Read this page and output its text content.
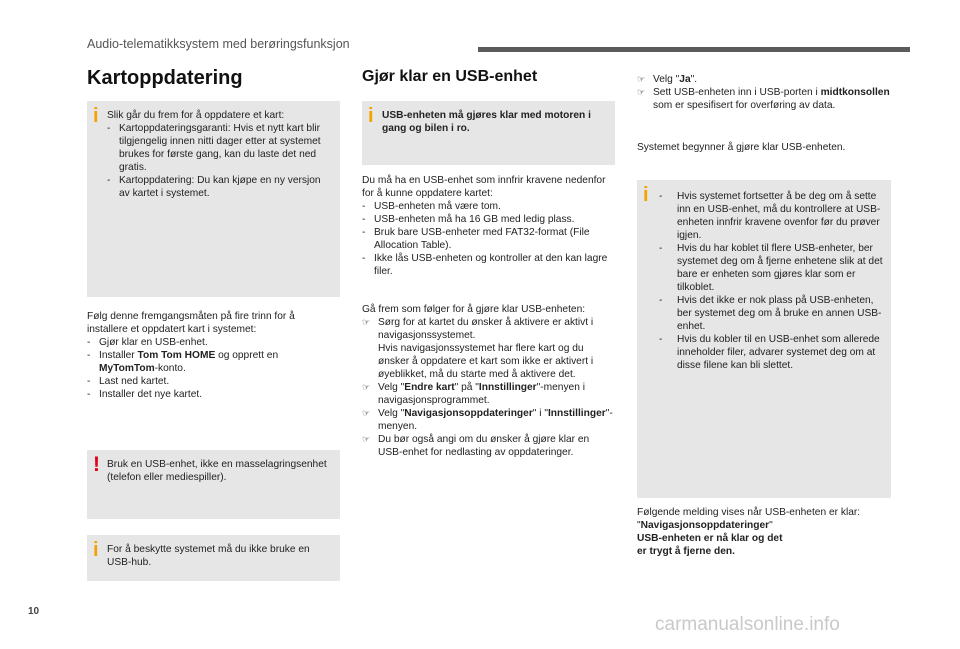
Audio-telematikksystem med berøringsfunksjon
Kartoppdatering
i Slik går du frem for å oppdatere et kart:

- Kartoppdateringsgaranti: Hvis et nytt kart blir tilgjengelig innen nitti dager etter at systemet brukes for første gang, kan du laste det ned gratis.
- Kartoppdatering: Du kan kjøpe en ny versjon av kartet i systemet.

Følg denne fremgangsmåten på fire trinn for å installere et oppdatert kart i systemet:

- Gjør klar en USB-enhet.
- Installer Tom Tom HOME og opprett en MyTomTom-konto.
- Last ned kartet.
- Installer det nye kartet.
! Bruk en USB-enhet, ikke en masselagringsenhet (telefon eller mediespiller).

i For å beskytte systemet må du ikke bruke en USB-hub.

Gjør klar en USB-enhet
i USB-enheten må gjøres klar med motoren i gang og bilen i ro.

Du må ha en USB-enhet som innfrir kravene nedenfor for å kunne oppdatere kartet:

- USB-enheten må være tom.
- USB-enheten må ha 16 GB med ledig plass.
- Bruk bare USB-enheter med FAT32-format (File Allocation Table).
- Ikke lås USB-enheten og kontroller at den kan lagre filer.

Gå frem som følger for å gjøre klar USB-enheten:

☞ Sørg for at kartet du ønsker å aktivere er aktivt i navigasjonssystemet.

Hvis navigasjonssystemet har flere kart og du ønsker å oppdatere et kart som ikke er aktivert i øyeblikket, må du starte med å aktivere det.

☞ Velg "Endre kart" på "Innstillinger"-menyen i navigasjonsprogrammet.
☞ Velg "Navigasjonsoppdateringer" i "Innstillinger"-menyen.
☞ Du bør også angi om du ønsker å gjøre klar en USB-enhet for nedlasting av oppdateringer.
☞ Velg "Ja".
☞ Sett USB-enheten inn i USB-porten i midtkonsollen som er spesifisert for overføring av data.

Systemet begynner å gjøre klar USB-enheten.

i	- Hvis systemet fortsetter å be deg om å sette inn en USB-enhet, må du kontrollere at USB-enheten innfrir kravene ovenfor før du prøver igjen.
- Hvis du har koblet til flere USB-enheter, ber systemet deg om å fjerne enhetene slik at det bare er enheten som gjøres klar som er tilkoblet.
- Hvis det ikke er nok plass på USB-enheten, ber systemet deg om å bruke en annen USB-enhet.
- Hvis du kobler til en USB-enhet som allerede inneholder filer, advarer systemet deg om at disse filene kan bli slettet.

Følgende melding vises når USB-enheten er klar:

"Navigasjonsoppdateringer"

USB-enheten er nå klar og det

er trygt å fjerne den.

10
carmanualsonline.info
